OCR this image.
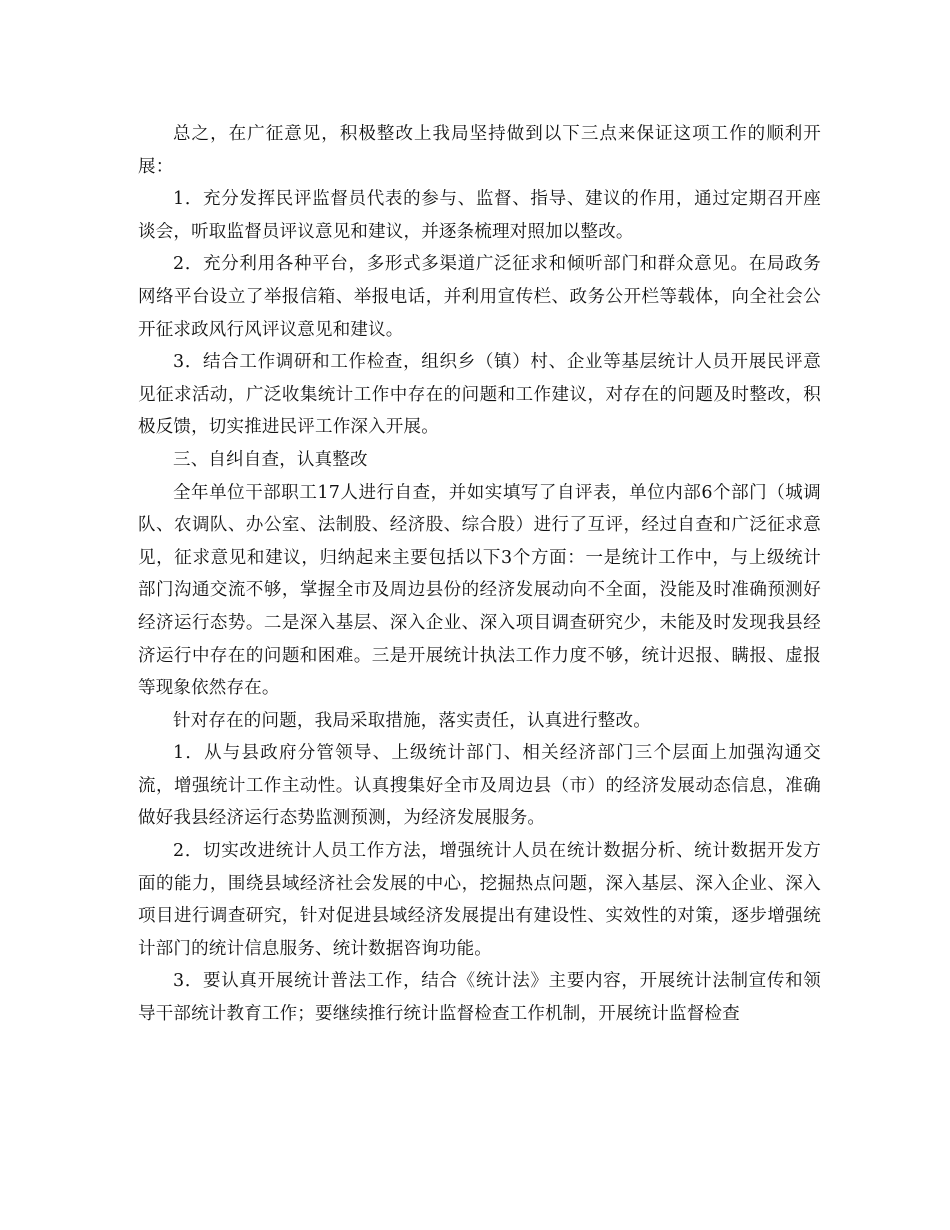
总之，在广征意见，积极整改上我局坚持做到以下三点来保证这项工作的顺利开展：

1．充分发挥民评监督员代表的参与、监督、指导、建议的作用，通过定期召开座谈会，听取监督员评议意见和建议，并逐条梳理对照加以整改。

2．充分利用各种平台，多形式多渠道广泛征求和倾听部门和群众意见。在局政务网络平台设立了举报信箱、举报电话，并利用宣传栏、政务公开栏等载体，向全社会公开征求政风行风评议意见和建议。

3．结合工作调研和工作检查，组织乡（镇）村、企业等基层统计人员开展民评意见征求活动，广泛收集统计工作中存在的问题和工作建议，对存在的问题及时整改，积极反馈，切实推进民评工作深入开展。

三、自纠自查，认真整改

全年单位干部职工17人进行自查，并如实填写了自评表，单位内部6个部门（城调队、农调队、办公室、法制股、经济股、综合股）进行了互评，经过自查和广泛征求意见，征求意见和建议，归纳起来主要包括以下3个方面：一是统计工作中，与上级统计部门沟通交流不够，掌握全市及周边县份的经济发展动向不全面，没能及时准确预测好经济运行态势。二是深入基层、深入企业、深入项目调查研究少，未能及时发现我县经济运行中存在的问题和困难。三是开展统计执法工作力度不够，统计迟报、瞒报、虚报等现象依然存在。

针对存在的问题，我局采取措施，落实责任，认真进行整改。

1．从与县政府分管领导、上级统计部门、相关经济部门三个层面上加强沟通交流，增强统计工作主动性。认真搜集好全市及周边县（市）的经济发展动态信息，准确做好我县经济运行态势监测预测，为经济发展服务。

2．切实改进统计人员工作方法，增强统计人员在统计数据分析、统计数据开发方面的能力，围绕县域经济社会发展的中心，挖掘热点问题，深入基层、深入企业、深入项目进行调查研究，针对促进县域经济发展提出有建设性、实效性的对策，逐步增强统计部门的统计信息服务、统计数据咨询功能。

3．要认真开展统计普法工作，结合《统计法》主要内容，开展统计法制宣传和领导干部统计教育工作；要继续推行统计监督检查工作机制，开展统计监督检查
